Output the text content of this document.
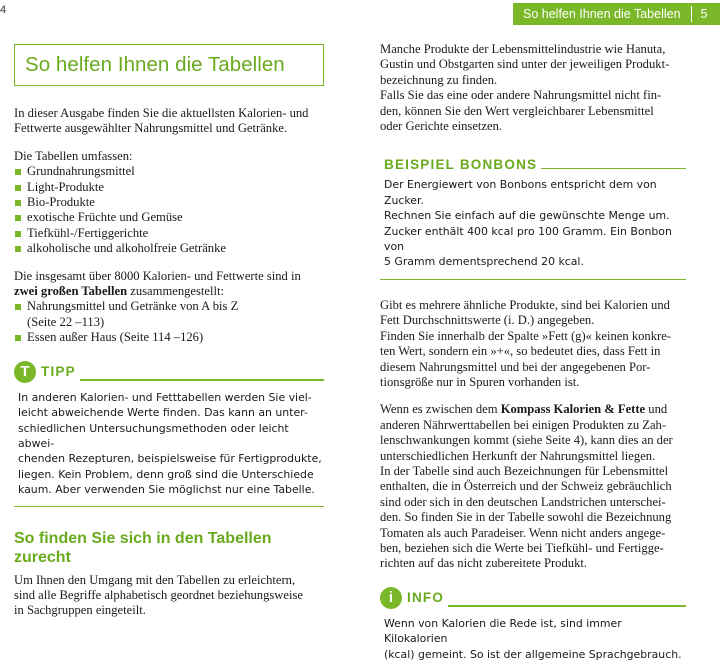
4	So helfen Ihnen die Tabellen 5
So helfen Ihnen die Tabellen

In dieser Ausgabe finden Sie die aktuellsten Kalorien- und Fettwerte ausgewählter Nahrungsmittel und Getränke.

Die Tabellen umfassen:

Grundnahrungsmittel
Light-Produkte
Bio-Produkte
exotische Früchte und Gemüse
Tiefkühl-/Fertiggerichte
alkoholische und alkoholfreie Getränke

Die insgesamt über 8000 Kalorien- und Fettwerte sind in
zwei großen Tabellen zusammengestellt:

Nahrungsmittel und Getränke von A bis Z
(Seite 22 –113)
Essen außer Haus (Seite 114 –126)
T TIPP
In anderen Kalorien- und Fetttabellen werden Sie viel-
leicht abweichende Werte finden. Das kann an unter-
schiedlichen Untersuchungsmethoden oder leicht abwei-
chenden Rezepturen, beispielsweise für Fertigprodukte,
liegen. Kein Problem, denn groß sind die Unterschiede
kaum. Aber verwenden Sie möglichst nur eine Tabelle.
So finden Sie sich in den Tabellen zurecht

Um Ihnen den Umgang mit den Tabellen zu erleichtern,

sind alle Begriffe alphabetisch geordnet beziehungsweise

in Sachgruppen eingeteilt.

Manche Produkte der Lebensmittelindustrie wie Hanuta,

Gustin und Obstgarten sind unter der jeweiligen Produkt-

bezeichnung zu finden.

Falls Sie das eine oder andere Nahrungsmittel nicht fin-

den, können Sie den Wert vergleichbarer Lebensmittel

oder Gerichte einsetzen.

BEISPIEL BONBONS
Der Energiewert von Bonbons entspricht dem von Zucker.
Rechnen Sie einfach auf die gewünschte Menge um.
Zucker enthält 400 kcal pro 100 Gramm. Ein Bonbon von
5 Gramm dementsprechend 20 kcal.

Gibt es mehrere ähnliche Produkte, sind bei Kalorien und

Fett Durchschnittswerte (i. D.) angegeben.

Finden Sie innerhalb der Spalte »Fett (g)« keinen konkre-

ten Wert, sondern ein »+«, so bedeutet dies, dass Fett in

diesem Nahrungsmittel und bei der angegebenen Por-

tionsgröße nur in Spuren vorhanden ist.

Wenn es zwischen dem Kompass Kalorien & Fette und

anderen Nährwerttabellen bei einigen Produkten zu Zah-

lenschwankungen kommt (siehe Seite 4), kann dies an der

unterschiedlichen Herkunft der Nahrungsmittel liegen.

In der Tabelle sind auch Bezeichnungen für Lebensmittel

enthalten, die in Österreich und der Schweiz gebräuchlich

sind oder sich in den deutschen Landstrichen unterschei-

den. So finden Sie in der Tabelle sowohl die Bezeichnung

Tomaten als auch Paradeiser. Wenn nicht anders angege-

ben, beziehen sich die Werte bei Tiefkühl- und Fertigge-

richten auf das nicht zubereitete Produkt.

i	INFO
Wenn von Kalorien die Rede ist, sind immer Kilokalorien
(kcal) gemeint. So ist der allgemeine Sprachgebrauch.
